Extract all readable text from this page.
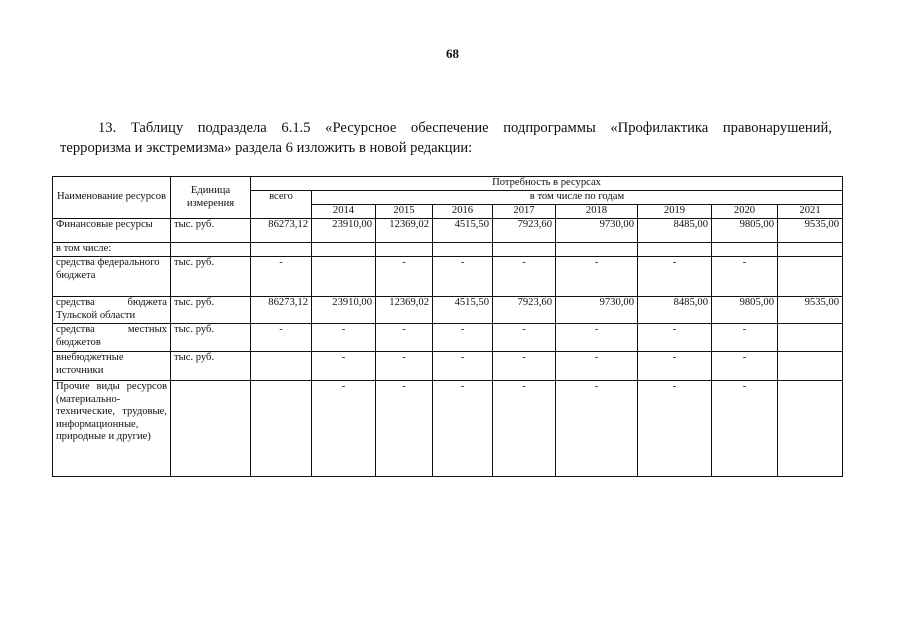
68
13. Таблицу подраздела 6.1.5 «Ресурсное обеспечение подпрограммы «Профилактика правонарушений,
терроризма и экстремизма» раздела 6 изложить в новой редакции:
Наименование ресурсов	Единица измерения	Потребность в ресурсах								
		всего	в том числе по годам							
			2014	2015	2016	2017	2018	2019	2020	2021
Финансовые ресурсы	тыс. руб.	86273,12	23910,00	12369,02	4515,50	7923,60	9730,00	8485,00	9805,00	9535,00
в том числе:										
средства федерального бюджета	тыс. руб.	-		-	-	-	-	-	-	
средства бюджета Тульской области	тыс. руб.	86273,12	23910,00	12369,02	4515,50	7923,60	9730,00	8485,00	9805,00	9535,00
средства местных бюджетов	тыс. руб.	-	-	-	-	-	-	-	-	
внебюджетные источники	тыс. руб.		-	-	-	-	-	-	-	
Прочие виды ресурсов (материально-технические, трудовые, информационные, природные и другие)			-	-	-	-	-	-	-	
